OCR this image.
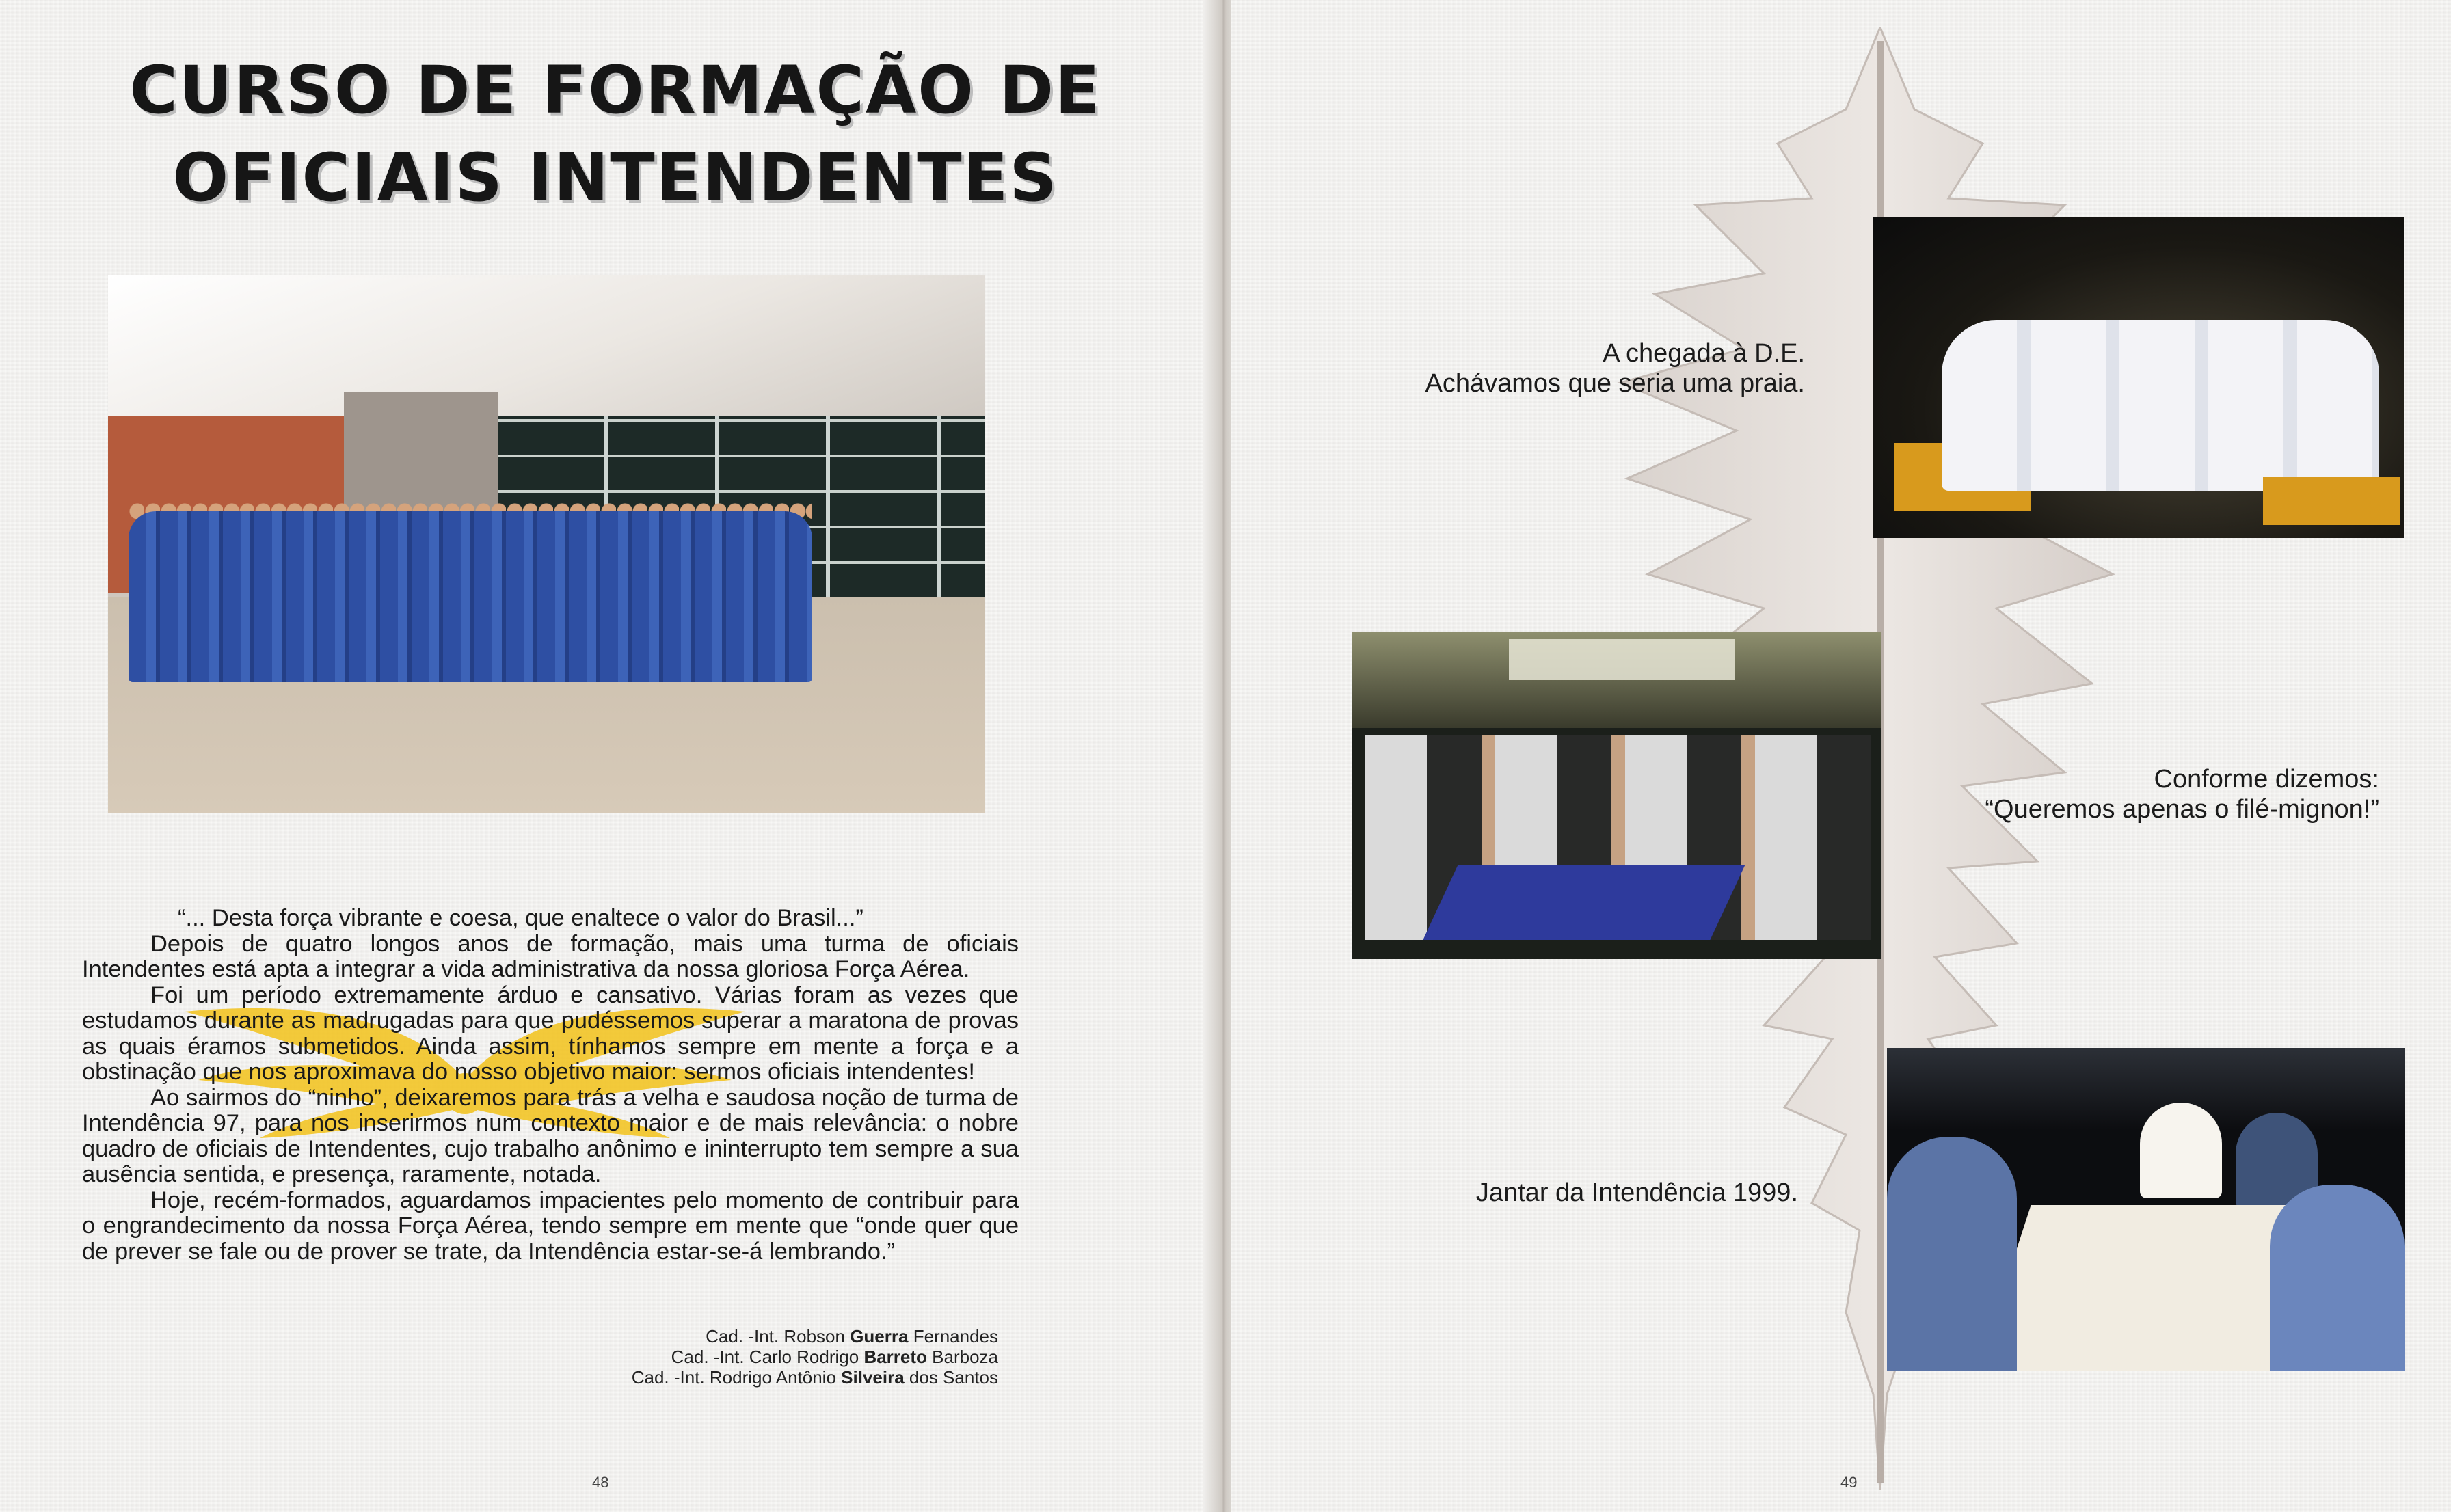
CURSO DE FORMAÇÃO DE
OFICIAIS INTENDENTES

“... Desta força vibrante e coesa, que enaltece o valor do Brasil...”

Depois de quatro longos anos de formação, mais uma turma de oficiais Intendentes está apta a integrar a vida administrativa da nossa gloriosa Força Aérea.

Foi um período extremamente árduo e cansativo. Várias foram as vezes que estudamos durante as madrugadas para que pudéssemos superar a maratona de provas as quais éramos submetidos. Ainda assim, tínhamos sempre em mente a força e a obstinação que nos aproximava do nosso objetivo maior: sermos oficiais intendentes!

Ao sairmos do “ninho”, deixaremos para trás a velha e saudosa noção de turma de Intendência 97, para nos inserirmos num contexto maior e de mais relevância: o nobre quadro de oficiais de Intendentes, cujo trabalho anônimo e ininterrupto tem sempre a sua ausência sentida, e presença, raramente, notada.

Hoje, recém-formados, aguardamos impacientes pelo momento de contribuir para o engrandecimento da nossa Força Aérea, tendo sempre em mente que “onde quer que de prever se fale ou de prover se trate, da Intendência estar-se-á lembrando.”

Cad. -Int. Robson Guerra Fernandes
Cad. -Int. Carlo Rodrigo Barreto Barboza
Cad. -Int. Rodrigo Antônio Silveira dos Santos
48
A chegada à D.E.
Achávamos que seria uma praia.
Conforme dizemos:
“Queremos apenas o filé-mignon!”
Jantar da Intendência 1999.
49
